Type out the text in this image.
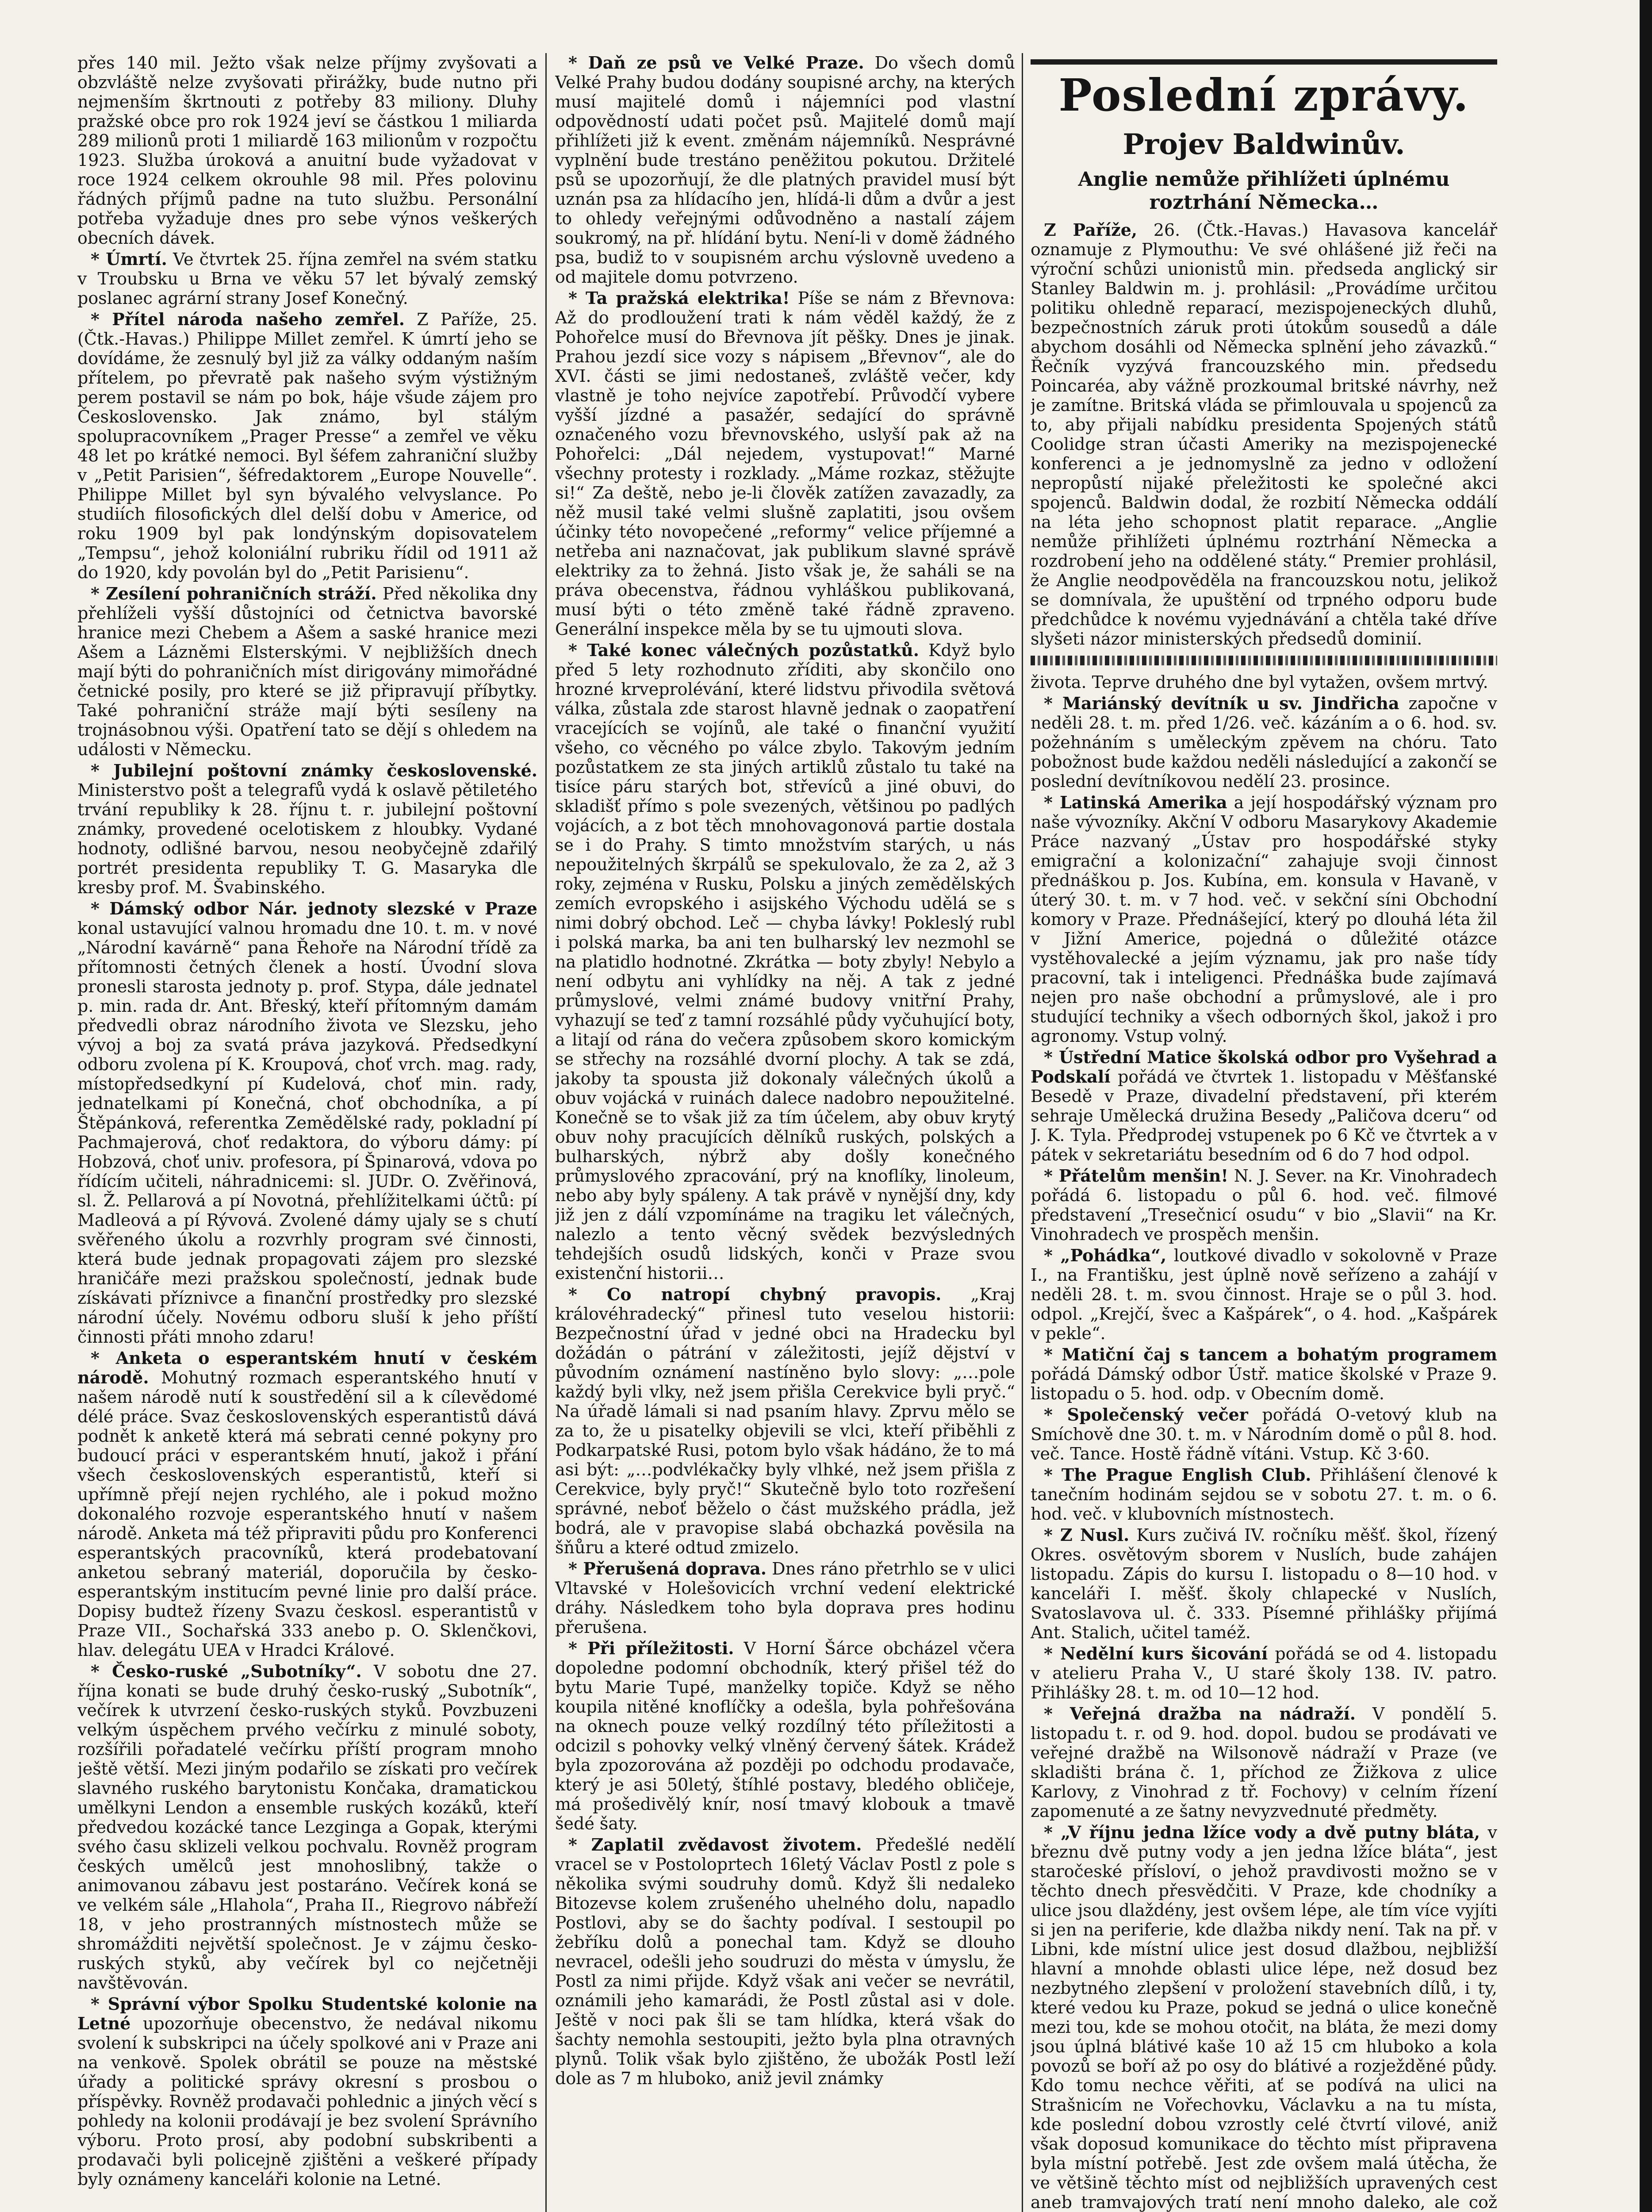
přes 140 mil. Ježto však nelze příjmy zvyšovati a obzvláště nelze zvyšovati přirážky, bude nutno při nejmenším škrtnouti z potřeby 83 miliony. Dluhy pražské obce pro rok 1924 jeví se částkou 1 miliarda 289 milionů proti 1 miliardě 163 milionům v rozpočtu 1923. Služba úroková a anuitní bude vyžadovat v roce 1924 celkem okrouhle 98 mil. Přes polovinu řádných příjmů padne na tuto službu. Personální potřeba vyžaduje dnes pro sebe výnos veškerých obecních dávek.

* Úmrtí. Ve čtvrtek 25. října zemřel na svém statku v Troubsku u Brna ve věku 57 let bývalý zemský poslanec agrární strany Josef Konečný.

* Přítel národa našeho zemřel. Z Paříže, 25. (Čtk.-Havas.) Philippe Millet zemřel. K úmrtí jeho se dovídáme, že zesnulý byl již za války oddaným naším přítelem, po převratě pak našeho svým výstižným perem postavil se nám po bok, háje všude zájem pro Československo. Jak známo, byl stálým spolupracovníkem „Prager Presse“ a zemřel ve věku 48 let po krátké nemoci. Byl šéfem zahraniční služby v „Petit Parisien“, šéfredaktorem „Europe Nouvelle“. Philippe Millet byl syn bývalého velvyslance. Po studiích filosofických dlel delší dobu v Americe, od roku 1909 byl pak londýnským dopisovatelem „Tempsu“, jehož koloniální rubriku řídil od 1911 až do 1920, kdy povolán byl do „Petit Parisienu“.

* Zesílení pohraničních stráží. Před několika dny přehlíželi vyšší důstojníci od četnictva bavorské hranice mezi Chebem a Ašem a saské hranice mezi Ašem a Lázněmi Elsterskými. V nejbližších dnech mají býti do pohraničních míst dirigovány mimořádné četnické posily, pro které se již připravují příbytky. Také pohraniční stráže mají býti sesíleny na trojnásobnou výši. Opatření tato se dějí s ohledem na události v Německu.

* Jubilejní poštovní známky československé. Ministerstvo pošt a telegrafů vydá k oslavě pětiletého trvání republiky k 28. říjnu t. r. jubilejní poštovní známky, provedené ocelotiskem z hloubky. Vydané hodnoty, odlišné barvou, nesou neobyčejně zdařilý portrét presidenta republiky T. G. Masaryka dle kresby prof. M. Švabinského.

* Dámský odbor Nár. jednoty slezské v Praze konal ustavující valnou hromadu dne 10. t. m. v nové „Národní kavárně“ pana Řehoře na Národní třídě za přítomnosti četných členek a hostí. Úvodní slova pronesli starosta jednoty p. prof. Stypa, dále jednatel p. min. rada dr. Ant. Břeský, kteří přítomným damám předvedli obraz národního života ve Slezsku, jeho vývoj a boj za svatá práva jazyková. Předsedkyní odboru zvolena pí K. Kroupová, choť vrch. mag. rady, místopředsedkyní pí Kudelová, choť min. rady, jednatelkami pí Konečná, choť obchodníka, a pí Štěpánková, referentka Zemědělské rady, pokladní pí Pachmajerová, choť redaktora, do výboru dámy: pí Hobzová, choť univ. profesora, pí Špinarová, vdova po řídícím učiteli, náhradnicemi: sl. JUDr. O. Zvěřinová, sl. Ž. Pellarová a pí Novotná, přehlížitelkami účtů: pí Madleová a pí Rývová. Zvolené dámy ujaly se s chutí svěřeného úkolu a rozvrhly program své činnosti, která bude jednak propagovati zájem pro slezské hraničáře mezi pražskou společností, jednak bude získávati příznivce a finanční prostředky pro slezské národní účely. Novému odboru sluší k jeho příští činnosti přáti mnoho zdaru!

* Anketa o esperantském hnutí v českém národě. Mohutný rozmach esperantského hnutí v našem národě nutí k soustředění sil a k cílevědomé délé práce. Svaz československých esperantistů dává podnět k anketě která má sebrati cenné pokyny pro budoucí práci v esperantském hnutí, jakož i přání všech československých esperantistů, kteří si upřímně přejí nejen rychlého, ale i pokud možno dokonalého rozvoje esperantského hnutí v našem národě. Anketa má též připraviti půdu pro Konferenci esperantských pracovníků, která prodebatovaní anketou sebraný materiál, doporučila by česko-esperantským institucím pevné linie pro další práce. Dopisy budtež řízeny Svazu českosl. esperantistů v Praze VII., Sochařská 333 anebo p. O. Sklenčkovi, hlav. delegátu UEA v Hradci Králové.

* Česko-ruské „Subotníky“. V sobotu dne 27. října konati se bude druhý česko-ruský „Subotník“, večírek k utvrzení česko-ruských styků. Povzbuzeni velkým úspěchem prvého večírku z minulé soboty, rozšířili pořadatelé večírku příští program mnoho ještě větší. Mezi jiným podařilo se získati pro večírek slavného ruského barytonistu Končaka, dramatickou umělkyni Lendon a ensemble ruských kozáků, kteří předvedou kozácké tance Lezginga a Gopak, kterými svého času sklizeli velkou pochvalu. Rovněž program českých umělců jest mnohoslibný, takže o animovanou zábavu jest postaráno. Večírek koná se ve velkém sále „Hlahola“, Praha II., Riegrovo nábřeží 18, v jeho prostranných místnostech může se shromážditi největší společnost. Je v zájmu česko-ruských styků, aby večírek byl co nejčetněji navštěvován.

* Správní výbor Spolku Studentské kolonie na Letné upozorňuje obecenstvo, že nedával nikomu svolení k subskripci na účely spolkové ani v Praze ani na venkově. Spolek obrátil se pouze na městské úřady a politické správy okresní s prosbou o příspěvky. Rovněž prodavači pohlednic a jiných věcí s pohledy na kolonii prodávají je bez svolení Správního výboru. Proto prosí, aby podobní subskribenti a prodavači byli policejně zjištěni a veškeré případy byly oznámeny kanceláři kolonie na Letné.

* Daň ze psů ve Velké Praze. Do všech domů Velké Prahy budou dodány soupisné archy, na kterých musí majitelé domů i nájemníci pod vlastní odpovědností udati počet psů. Majitelé domů mají přihlížeti již k event. změnám nájemníků. Nesprávné vyplnění bude trestáno peněžitou pokutou. Držitelé psů se upozorňují, že dle platných pravidel musí být uznán psa za hlídacího jen, hlídá-li dům a dvůr a jest to ohledy veřejnými odůvodněno a nastalí zájem soukromý, na př. hlídání bytu. Není-li v domě žádného psa, budiž to v soupisném archu výslovně uvedeno a od majitele domu potvrzeno.

* Ta pražská elektrika! Píše se nám z Břevnova: Až do prodloužení trati k nám věděl každý, že z Pohořelce musí do Břevnova jít pěšky. Dnes je jinak. Prahou jezdí sice vozy s nápisem „Břevnov“, ale do XVI. části se jimi nedostaneš, zvláště večer, kdy vlastně je toho nejvíce zapotřebí. Průvodčí vybere vyšší jízdné a pasažér, sedající do správně označeného vozu břevnovského, uslyší pak až na Pohořelci: „Dál nejedem, vystupovat!“ Marné všechny protesty i rozklady. „Máme rozkaz, stěžujte si!“ Za deště, nebo je-li člověk zatížen zavazadly, za něž musil také velmi slušně zaplatiti, jsou ovšem účinky této novopečené „reformy“ velice příjemné a netřeba ani naznačovat, jak publikum slavné správě elektriky za to žehná. Jisto však je, že saháli se na práva obecenstva, řádnou vyhláškou publikovaná, musí býti o této změně také řádně zpraveno. Generální inspekce měla by se tu ujmouti slova.

* Také konec válečných pozůstatků. Když bylo před 5 lety rozhodnuto zříditi, aby skončilo ono hrozné krveprolévání, které lidstvu přivodila světová válka, zůstala zde starost hlavně jednak o zaopatření vracejících se vojínů, ale také o finanční využití všeho, co věcného po válce zbylo. Takovým jedním pozůstatkem ze sta jiných artiklů zůstalo tu také na tisíce páru starých bot, střevíců a jiné obuvi, do skladišť přímo s pole svezených, většinou po padlých vojácích, a z bot těch mnohovagonová partie dostala se i do Prahy. S timto množstvím starých, u nás nepoužitelných škrpálů se spekulovalo, že za 2, až 3 roky, zejména v Rusku, Polsku a jiných zemědělských zemích evropského i asijského Východu udělá se s nimi dobrý obchod. Leč — chyba lávky! Pokleslý rubl i polská marka, ba ani ten bulharský lev nezmohl se na platidlo hodnotné. Zkrátka — boty zbyly! Nebylo a není odbytu ani vyhlídky na něj. A tak z jedné průmyslové, velmi známé budovy vnitřní Prahy, vyhazují se teď z tamní rozsáhlé půdy vyčuhující boty, a litají od rána do večera způsobem skoro komickým se střechy na rozsáhlé dvorní plochy. A tak se zdá, jakoby ta spousta již dokonaly válečných úkolů a obuv vojácká v ruinách dalece nadobro nepoužitelné. Konečně se to však již za tím účelem, aby obuv krytý obuv nohy pracujících dělníků ruských, polských a bulharských, nýbrž aby došly konečného průmyslového zpracování, prý na knoflíky, linoleum, nebo aby byly spáleny. A tak právě v nynější dny, kdy již jen z dálí vzpomínáme na tragiku let válečných, nalezlo a tento věcný svědek bezvýsledných tehdejších osudů lidských, konči v Praze svou existenční historii…

* Co natropí chybný pravopis. „Kraj královéhradecký“ přinesl tuto veselou historii: Bezpečnostní úřad v jedné obci na Hradecku byl dožádán o pátrání v záležitosti, jejíž dějství v původním oznámení nastíněno bylo slovy: „…pole každý byli vlky, než jsem přišla Cerekvice byli pryč.“ Na úřadě lámali si nad psaním hlavy. Zprvu mělo se za to, že u pisatelky objevili se vlci, kteří přiběhli z Podkarpatské Rusi, potom bylo však hádáno, že to má asi být: „…podvlékačky byly vlhké, než jsem přišla z Cerekvice, byly pryč!“ Skutečně bylo toto rozřešení správné, neboť běželo o část mužského prádla, jež bodrá, ale v pravopise slabá obchazká pověsila na šňůru a které odtud zmizelo.

* Přerušená doprava. Dnes ráno přetrhlo se v ulici Vltavské v Holešovicích vrchní vedení elektrické dráhy. Následkem toho byla doprava pres hodinu přerušena.

* Při příležitosti. V Horní Šárce obcházel včera dopoledne podomní obchodník, který přišel též do bytu Marie Tupé, manželky topiče. Když se něho koupila nitěné knoflíčky a odešla, byla pohřešována na oknech pouze velký rozdílný této příležitosti a odcizil s pohovky velký vlněný červený šátek. Krádež byla zpozorována až později po odchodu prodavače, který je asi 50letý, štíhlé postavy, bledého obličeje, má prošedivělý knír, nosí tmavý klobouk a tmavě šedé šaty.

* Zaplatil zvědavost životem. Předešlé nedělí vracel se v Postoloprtech 16letý Václav Postl z pole s několika svými soudruhy domů. Když šli nedaleko Bitozevse kolem zrušeného uhelného dolu, napadlo Postlovi, aby se do šachty podíval. I sestoupil po žebříku dolů a ponechal tam. Když se dlouho nevracel, odešli jeho soudruzi do města v úmyslu, že Postl za nimi přijde. Když však ani večer se nevrátil, oznámili jeho kamarádi, že Postl zůstal asi v dole. Ještě v noci pak šli se tam hlídka, která však do šachty nemohla sestoupiti, ježto byla plna otravných plynů. Tolik však bylo zjištěno, že ubožák Postl leží dole as 7 m hluboko, aniž jevil známky

Poslední zprávy.
Projev Baldwinův.
Anglie nemůže přihlížeti úplnému roztrhání Německa…

Z Paříže, 26. (Čtk.-Havas.) Havasova kancelář oznamuje z Plymouthu: Ve své ohlášené již řeči na výroční schůzi unionistů min. předseda anglický sir Stanley Baldwin m. j. prohlásil: „Provádíme určitou politiku ohledně reparací, mezispojeneckých dluhů, bezpečnostních záruk proti útokům sousedů a dále abychom dosáhli od Německa splnění jeho závazků.“ Řečník vyzývá francouzského min. předsedu Poincaréa, aby vážně prozkoumal britské návrhy, než je zamítne. Britská vláda se přimlouvala u spojenců za to, aby přijali nabídku presidenta Spojených států Coolidge stran účasti Ameriky na mezispojenecké konferenci a je jednomyslně za jedno v odložení nepropůstí nijaké přeležitosti ke společné akci spojenců. Baldwin dodal, že rozbití Německa oddálí na léta jeho schopnost platit reparace. „Anglie nemůže přihlížeti úplnému roztrhání Německa a rozdrobení jeho na oddělené státy.“ Premier prohlásil, že Anglie neodpověděla na francouzskou notu, jelikož se domnívala, že upuštění od trpného odporu bude předchůdce k novému vyjednávání a chtěla také dříve slyšeti názor ministerských předsedů dominií.

života. Teprve druhého dne byl vytažen, ovšem mrtvý.

* Mariánský devítník u sv. Jindřicha započne v neděli 28. t. m. před 1/26. več. kázáním a o 6. hod. sv. požehnáním s uměleckým zpěvem na chóru. Tato pobožnost bude každou neděli následující a zakončí se poslední devítníkovou nedělí 23. prosince.

* Latinská Amerika a její hospodářský význam pro naše vývozníky. Akční V odboru Masarykovy Akademie Práce nazvaný „Ústav pro hospodářské styky emigrační a kolonizační“ zahajuje svoji činnost přednáškou p. Jos. Kubínа, em. konsula v Havaně, v úterý 30. t. m. v 7 hod. več. v sekční síni Obchodní komory v Praze. Přednášející, který po dlouhá léta žil v Jižní Americe, pojedná o důležité otázce vystěhovalecké a jejím významu, jak pro naše tídy pracovní, tak i inteligenci. Přednáška bude zajímavá nejen pro naše obchodní a průmyslové, ale i pro studující techniky a všech odborných škol, jakož i pro agronomy. Vstup volný.

* Ústřední Matice školská odbor pro Vyšehrad a Podskalí pořádá ve čtvrtek 1. listopadu v Měšťanské Besedě v Praze, divadelní představení, při kterém sehraje Umělecká družina Besedy „Paličova dceru“ od J. K. Tyla. Předprodej vstupenek po 6 Kč ve čtvrtek a v pátek v sekretariátu besedním od 6 do 7 hod odpol.

* Přátelům menšin! N. J. Sever. na Kr. Vinohradech pořádá 6. listopadu o půl 6. hod. več. filmové představení „Tresečnicí osudu“ v bio „Slavii“ na Kr. Vinohradech ve prospěch menšin.

* „Pohádka“, loutkové divadlo v sokolovně v Praze I., na Františku, jest úplně nově seřízeno a zahájí v neděli 28. t. m. svou činnost. Hraje se o půl 3. hod. odpol. „Krejčí, švec a Kašpárek“, o 4. hod. „Kašpárek v pekle“.

* Matiční čaj s tancem a bohatým programem pořádá Dámský odbor Ústř. matice školské v Praze 9. listopadu o 5. hod. odp. v Obecním domě.

* Společenský večer pořádá O-vetový klub na Smíchově dne 30. t. m. v Národním domě o půl 8. hod. več. Tance. Hostě řádně vítáni. Vstup. Kč 3·60.

* The Prague English Club. Přihlášení členové k tanečním hodinám sejdou se v sobotu 27. t. m. o 6. hod. več. v klubovních místnostech.

* Z Nusl. Kurs zučivá IV. ročníku měšť. škol, řízený Okres. osvětovým sborem v Nuslích, bude zahájen listopadu. Zápis do kursu I. listopadu o 8—10 hod. v kanceláři I. měšť. školy chlapecké v Nuslích, Svatoslavova ul. č. 333. Písemné přihlášky přijímá Ant. Stalich, učitel taméž.

* Nedělní kurs šicování pořádá se od 4. listopadu v atelieru Praha V., U staré školy 138. IV. patro. Přihlášky 28. t. m. od 10—12 hod.

* Veřejná dražba na nádraží. V pondělí 5. listopadu t. r. od 9. hod. dopol. budou se prodávati ve veřejné dražbě na Wilsonově nádraží v Praze (ve skladišti brána č. 1, příchod ze Žižkova z ulice Karlovy, z Vinohrad z tř. Fochovy) v celním řízení zapomenuté a ze šatny nevyzvednuté předměty.

* „V říjnu jedna lžíce vody a dvě putny bláta, v březnu dvě putny vody a jen jedna lžíce bláta“, jest staročeské přísloví, o jehož pravdivosti možno se v těchto dnech přesvědčiti. V Praze, kde chodníky a ulice jsou dlaždény, jest ovšem lépe, ale tím více vyjíti si jen na periferie, kde dlažba nikdy není. Tak na př. v Libni, kde místní ulice jest dosud dlažbou, nejbližší hlavní a mnohde oblasti ulice lépe, než dosud bez nezbytného zlepšení v proložení stavebních dílů, i ty, které vedou ku Praze, pokud se jedná o ulice konečně mezi tou, kde se mohou otočit, na bláta, že mezi domy jsou úplná blátivé kaše 10 až 15 cm hluboko a kola povozů se boří až po osy do blátivé a rozježděné půdy. Kdo tomu nechce věřiti, ať se podívá na ulici na Strašnicím ne Vořechovku, Václavku a na tu místa, kde poslední dobou vzrostly celé čtvrtí vilové, aniž však doposud komunikace do těchto míst připravena byla místní potřebě. Jest zde ovšem malá útěcha, že ve většině těchto míst od nejbližších upravených cest aneb tramvajových tratí není mnoho daleko, ale což
